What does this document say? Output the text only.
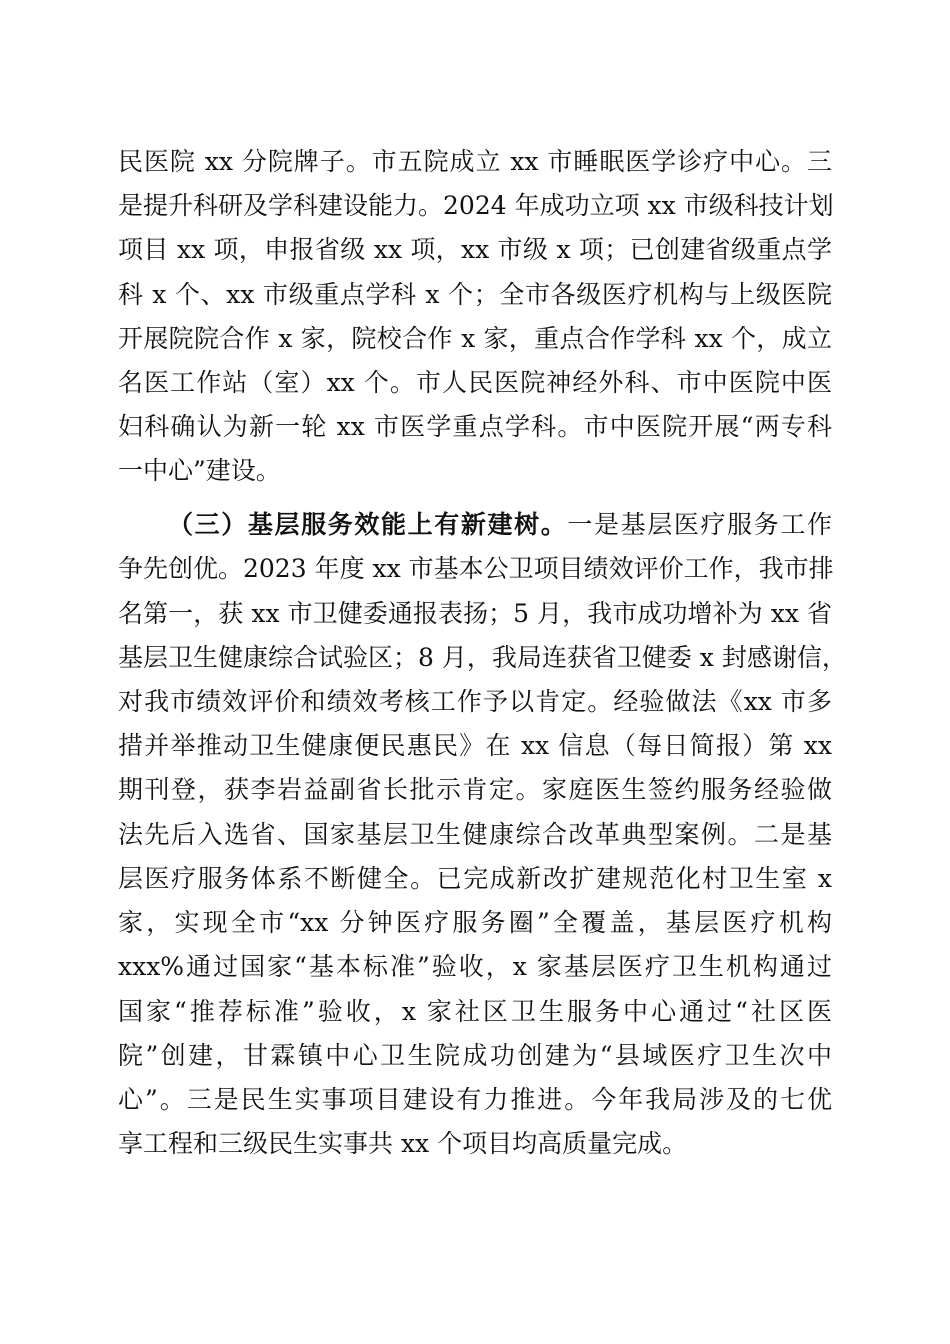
民医院 xx 分院牌子。市五院成立 xx 市睡眠医学诊疗中心。三
是提升科研及学科建设能力。2024 年成功立项 xx 市级科技计划
项目 xx 项，申报省级 xx 项，xx 市级 x 项；已创建省级重点学
科 x 个、xx 市级重点学科 x 个；全市各级医疗机构与上级医院
开展院院合作 x 家，院校合作 x 家，重点合作学科 xx 个，成立
名医工作站（室）xx 个。市人民医院神经外科、市中医院中医
妇科确认为新一轮 xx 市医学重点学科。市中医院开展“两专科
一中心”建设。
（三）基层服务效能上有新建树。一是基层医疗服务工作
争先创优。2023 年度 xx 市基本公卫项目绩效评价工作，我市排
名第一，获 xx 市卫健委通报表扬；5 月，我市成功增补为 xx 省
基层卫生健康综合试验区；8 月，我局连获省卫健委 x 封感谢信，
对我市绩效评价和绩效考核工作予以肯定。经验做法《xx 市多
措并举推动卫生健康便民惠民》在 xx 信息（每日简报）第 xx
期刊登，获李岩益副省长批示肯定。家庭医生签约服务经验做
法先后入选省、国家基层卫生健康综合改革典型案例。二是基
层医疗服务体系不断健全。已完成新改扩建规范化村卫生室 x
家，实现全市“xx 分钟医疗服务圈”全覆盖，基层医疗机构
xxx%通过国家“基本标准”验收，x 家基层医疗卫生机构通过
国家“推荐标准”验收，x 家社区卫生服务中心通过“社区医
院”创建，甘霖镇中心卫生院成功创建为“县域医疗卫生次中
心”。三是民生实事项目建设有力推进。今年我局涉及的七优
享工程和三级民生实事共 xx 个项目均高质量完成。
